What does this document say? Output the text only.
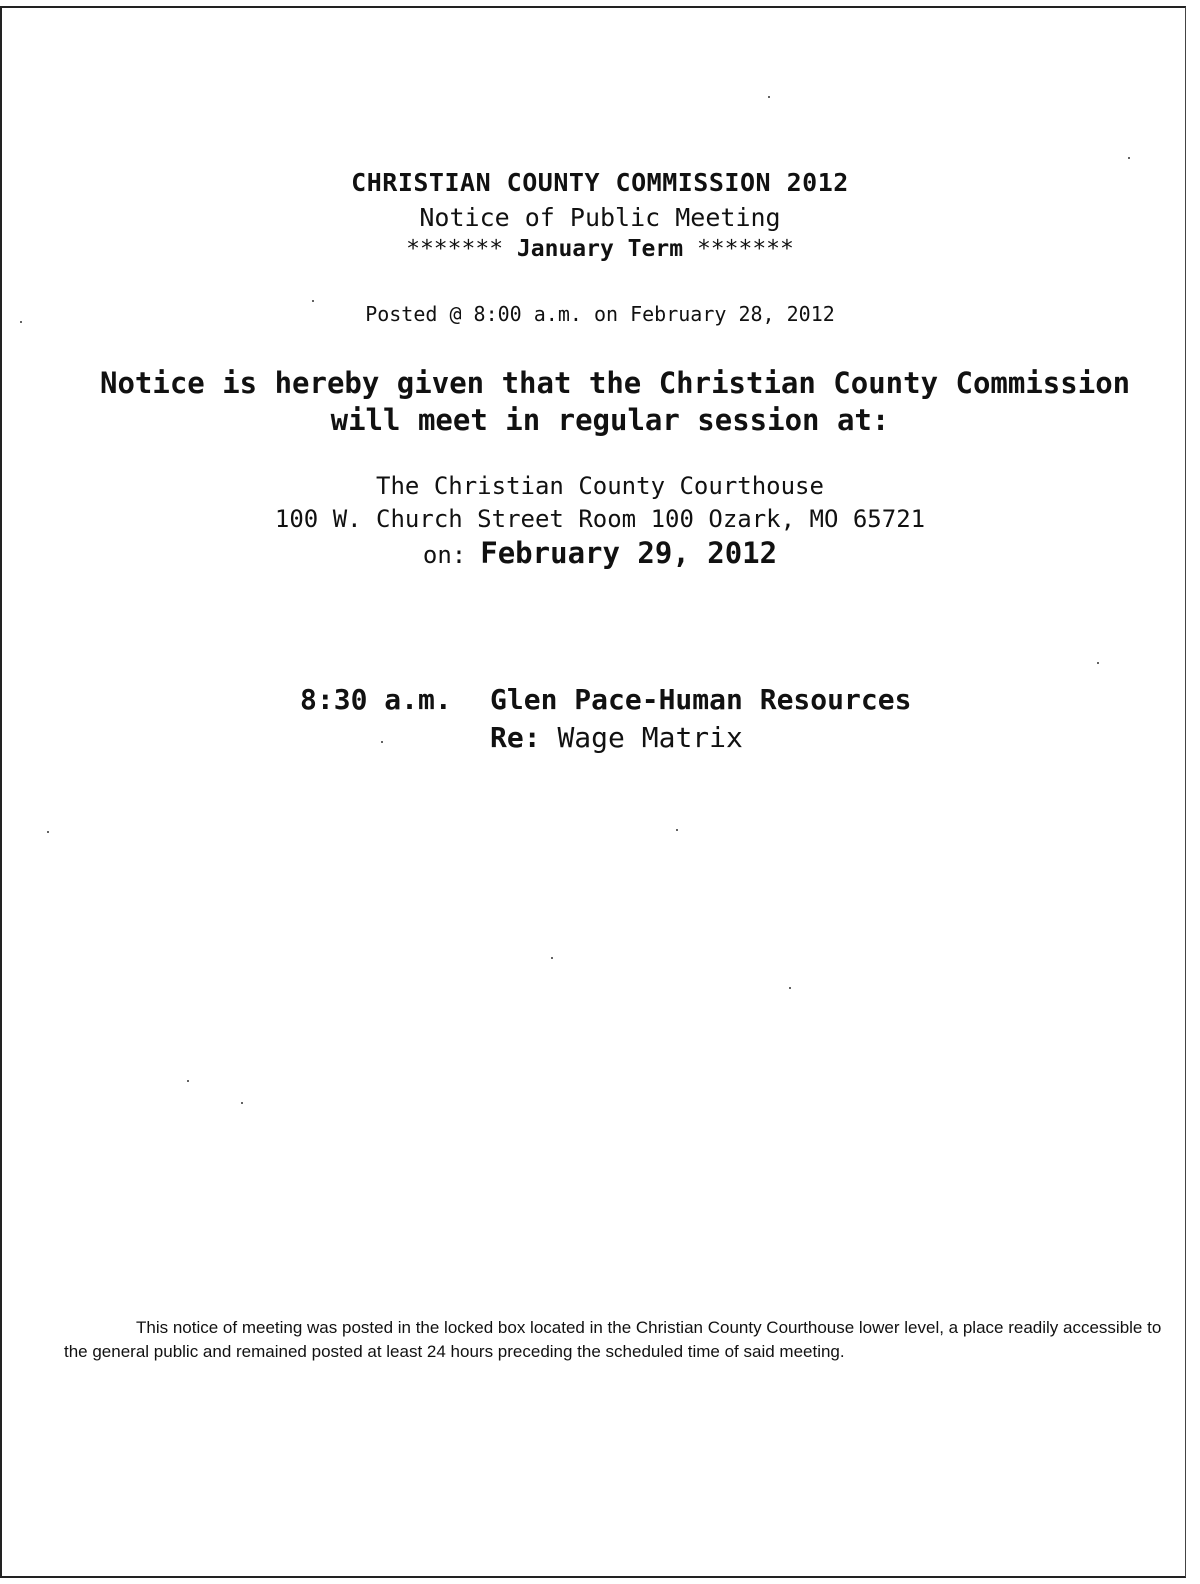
CHRISTIAN COUNTY COMMISSION 2012
Notice of Public Meeting
******* January Term *******
Posted @ 8:00 a.m. on February 28, 2012
Notice is hereby given that the Christian County Commission
will meet in regular session at:
The Christian County Courthouse
100 W. Church Street Room 100 Ozark, MO 65721
on: February 29, 2012
8:30 a.m. Glen Pace-Human Resources
Re: Wage Matrix
This notice of meeting was posted in the locked box located in the Christian County Courthouse lower level, a place readily accessible to the general public and remained posted at least 24 hours preceding the scheduled time of said meeting.
